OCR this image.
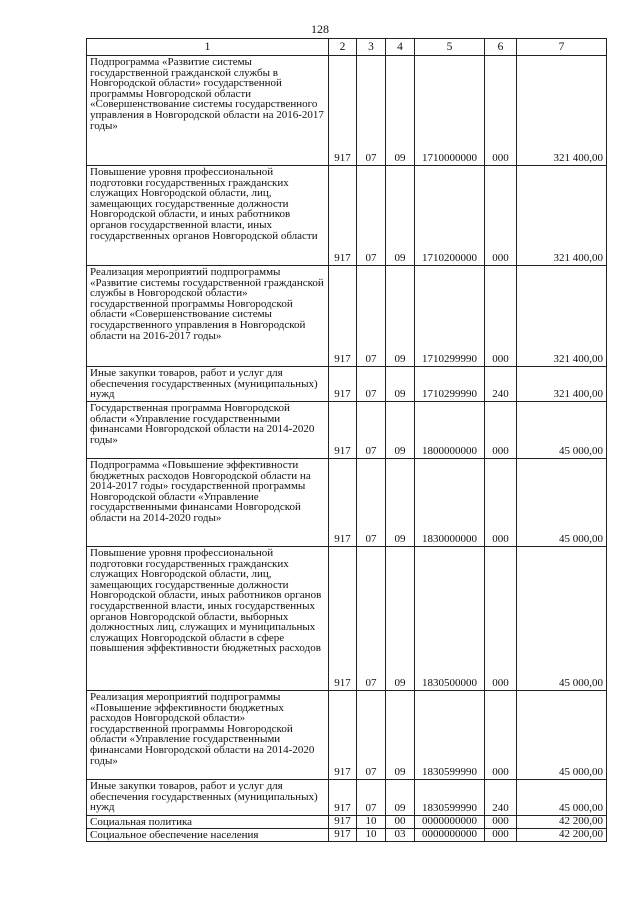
128
1	2	3	4	5	6	7
Подпрограмма «Развитие системы государственной гражданской службы в Новгородской области» государственной программы Новгородской области «Совершенствование системы государственного управления в Новгородской области на 2016-2017 годы»	917	07	09	1710000000	000	321 400,00
Повышение уровня профессиональной подготовки государственных гражданских служащих Новгородской области, лиц, замещающих государственные должности Новгородской области, и иных работников органов государственной власти, иных государственных органов Новгородской области	917	07	09	1710200000	000	321 400,00
Реализация мероприятий подпрограммы «Развитие системы государственной гражданской службы в Новгородской области» государственной программы Новгородской области «Совершенствование системы государственного управления в Новгородской области на 2016-2017 годы»	917	07	09	1710299990	000	321 400,00
Иные закупки товаров, работ и услуг для обеспечения государственных (муниципальных) нужд	917	07	09	1710299990	240	321 400,00
Государственная программа Новгородской области «Управление государственными финансами Новгородской области на 2014-2020 годы»	917	07	09	1800000000	000	45 000,00
Подпрограмма «Повышение эффективности бюджетных расходов Новгородской области на 2014-2017 годы» государственной программы Новгородской области «Управление государственными финансами Новгородской области на 2014-2020 годы»	917	07	09	1830000000	000	45 000,00
Повышение уровня профессиональной подготовки государственных гражданских служащих Новгородской области, лиц, замещающих государственные должности Новгородской области, иных работников органов государственной власти, иных государственных органов Новгородской области, выборных должностных лиц, служащих и муниципальных служащих Новгородской области в сфере повышения эффективности бюджетных расходов	917	07	09	1830500000	000	45 000,00
Реализация мероприятий подпрограммы «Повышение эффективности бюджетных расходов Новгородской области» государственной программы Новгородской области «Управление государственными финансами Новгородской области на 2014-2020 годы»	917	07	09	1830599990	000	45 000,00
Иные закупки товаров, работ и услуг для обеспечения государственных (муниципальных) нужд	917	07	09	1830599990	240	45 000,00
Социальная политика	917	10	00	0000000000	000	42 200,00
Социальное обеспечение населения	917	10	03	0000000000	000	42 200,00
